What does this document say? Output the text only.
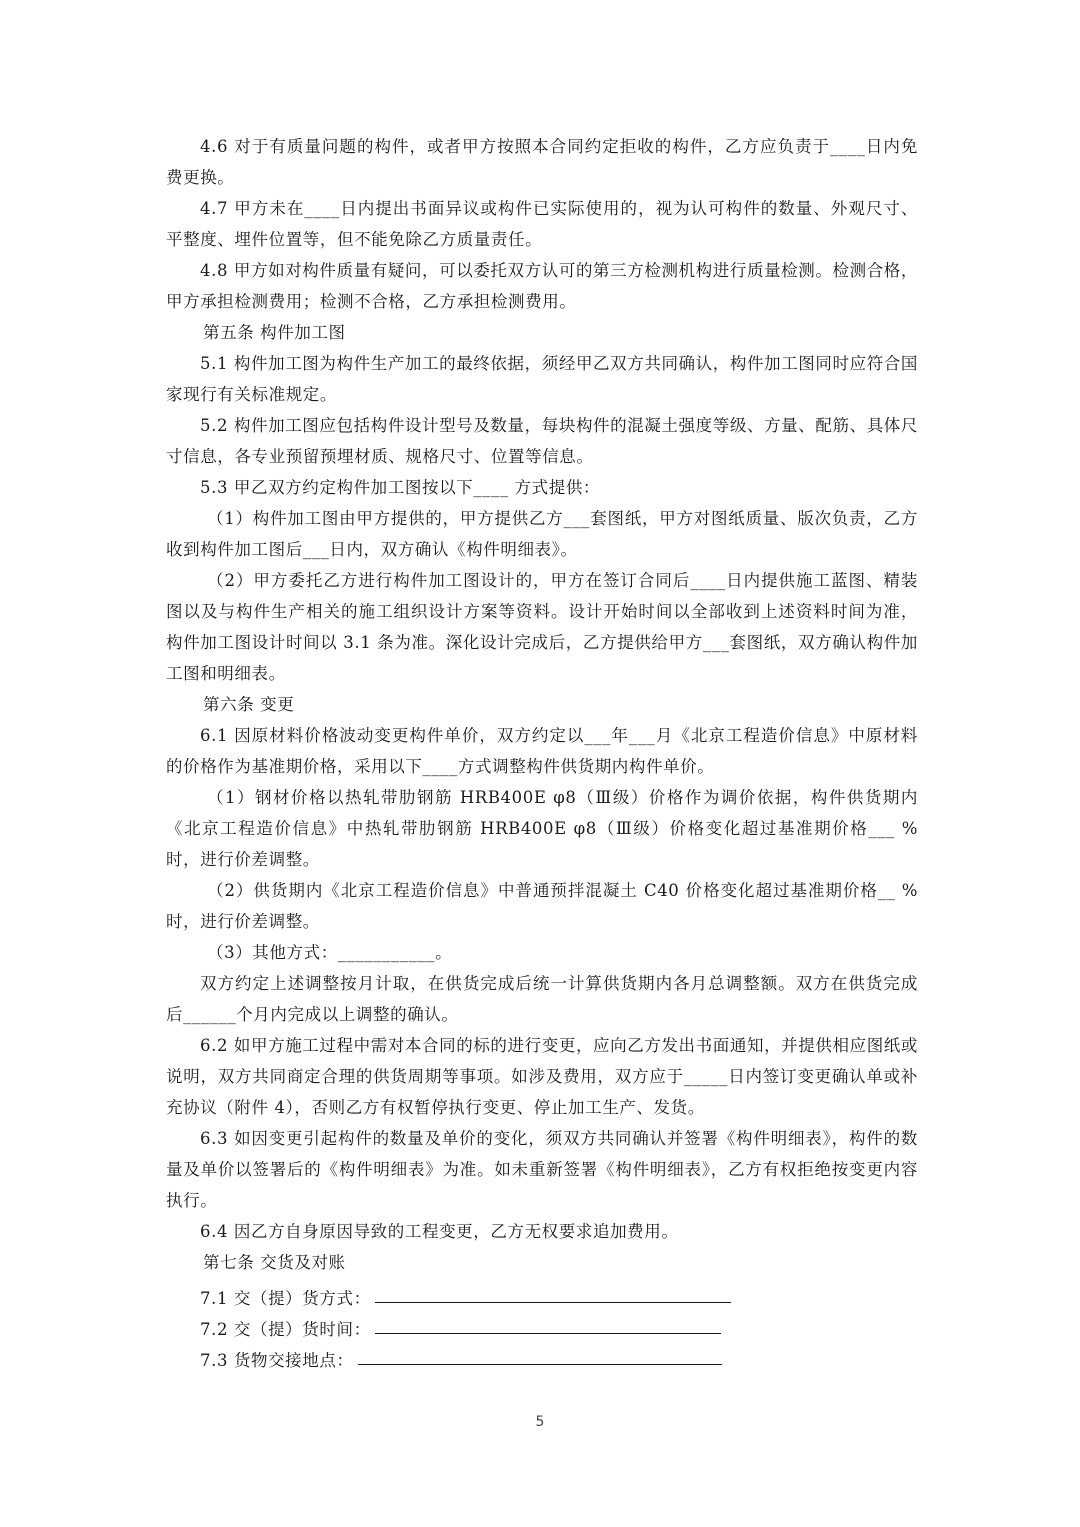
4.6 对于有质量问题的构件，或者甲方按照本合同约定拒收的构件，乙方应负责于____日内免费更换。

4.7 甲方未在____日内提出书面异议或构件已实际使用的，视为认可构件的数量、外观尺寸、平整度、埋件位置等，但不能免除乙方质量责任。

4.8 甲方如对构件质量有疑问，可以委托双方认可的第三方检测机构进行质量检测。检测合格，甲方承担检测费用；检测不合格，乙方承担检测费用。

第五条 构件加工图

5.1 构件加工图为构件生产加工的最终依据，须经甲乙双方共同确认，构件加工图同时应符合国家现行有关标准规定。

5.2 构件加工图应包括构件设计型号及数量，每块构件的混凝土强度等级、方量、配筋、具体尺寸信息，各专业预留预埋材质、规格尺寸、位置等信息。

5.3 甲乙双方约定构件加工图按以下____ 方式提供：

（1）构件加工图由甲方提供的，甲方提供乙方___套图纸，甲方对图纸质量、版次负责，乙方收到构件加工图后___日内，双方确认《构件明细表》。

（2）甲方委托乙方进行构件加工图设计的，甲方在签订合同后____日内提供施工蓝图、精装图以及与构件生产相关的施工组织设计方案等资料。设计开始时间以全部收到上述资料时间为准，构件加工图设计时间以 3.1 条为准。深化设计完成后，乙方提供给甲方___套图纸，双方确认构件加工图和明细表。

第六条 变更

6.1 因原材料价格波动变更构件单价，双方约定以___年___月《北京工程造价信息》中原材料的价格作为基准期价格，采用以下____方式调整构件供货期内构件单价。

（1）钢材价格以热轧带肋钢筋 HRB400E φ8（Ⅲ级）价格作为调价依据，构件供货期内《北京工程造价信息》中热轧带肋钢筋 HRB400E φ8（Ⅲ级）价格变化超过基准期价格___ % 时，进行价差调整。

（2）供货期内《北京工程造价信息》中普通预拌混凝土 C40 价格变化超过基准期价格__ %时，进行价差调整。

（3）其他方式：___________。

双方约定上述调整按月计取，在供货完成后统一计算供货期内各月总调整额。双方在供货完成后______个月内完成以上调整的确认。

6.2 如甲方施工过程中需对本合同的标的进行变更，应向乙方发出书面通知，并提供相应图纸或说明，双方共同商定合理的供货周期等事项。如涉及费用，双方应于_____日内签订变更确认单或补充协议（附件 4），否则乙方有权暂停执行变更、停止加工生产、发货。

6.3 如因变更引起构件的数量及单价的变化，须双方共同确认并签署《构件明细表》，构件的数量及单价以签署后的《构件明细表》为准。如未重新签署《构件明细表》，乙方有权拒绝按变更内容执行。

6.4 因乙方自身原因导致的工程变更，乙方无权要求追加费用。

第七条 交货及对账

7.1 交（提）货方式：
7.2 交（提）货时间：
7.3 货物交接地点：
5
